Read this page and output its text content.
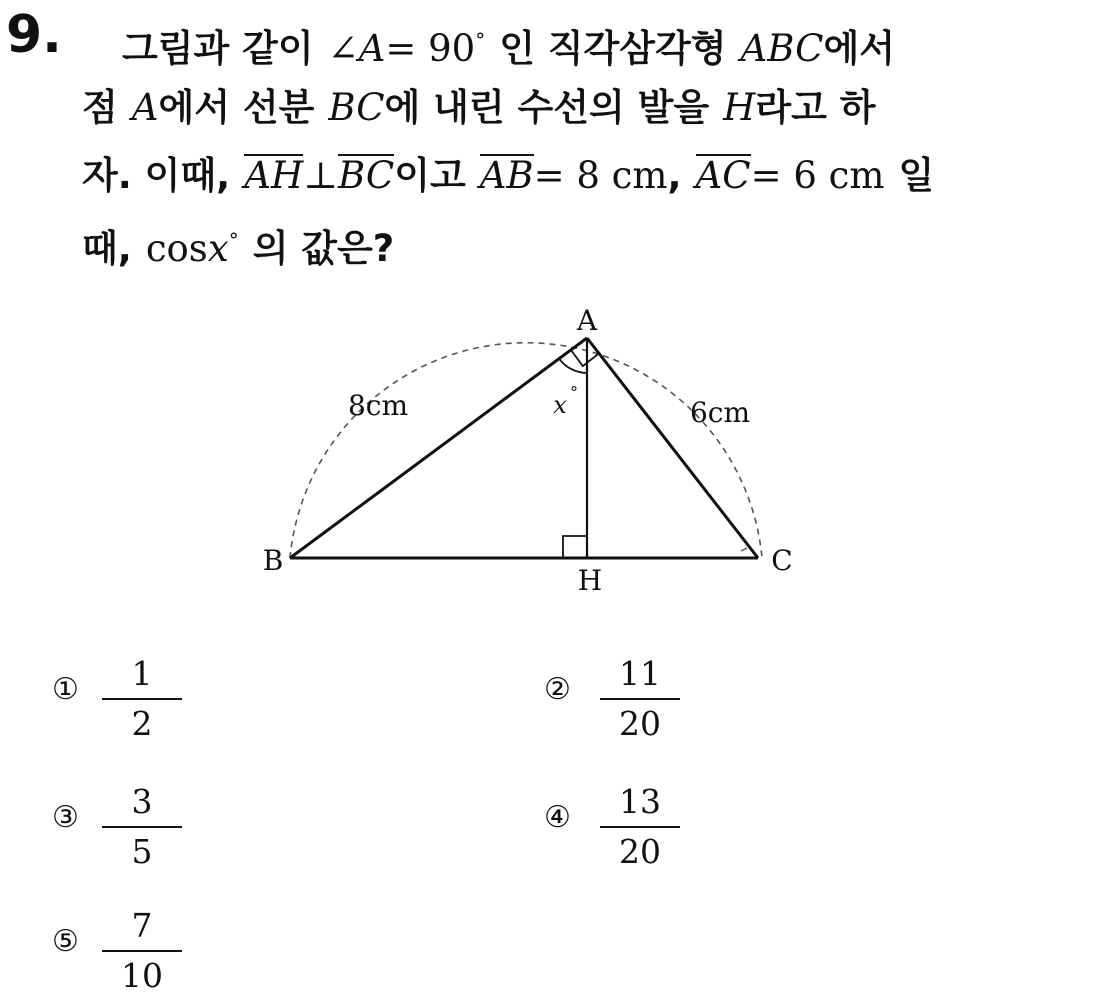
9. 그림과 같이 ∠A= 90° 인 직각삼각형 ABC에서
점 A에서 선분 BC에 내린 수선의 발을 H라고 하
자. 이때, AH⊥BC이고 AB= 8 cm, AC= 6 cm 일
때, cosx° 의 값은?
A
B	C
H
8cm	6cm
x °
①	1
2
②	11
20
③	3
5
④	13
20
⑤	7
10
